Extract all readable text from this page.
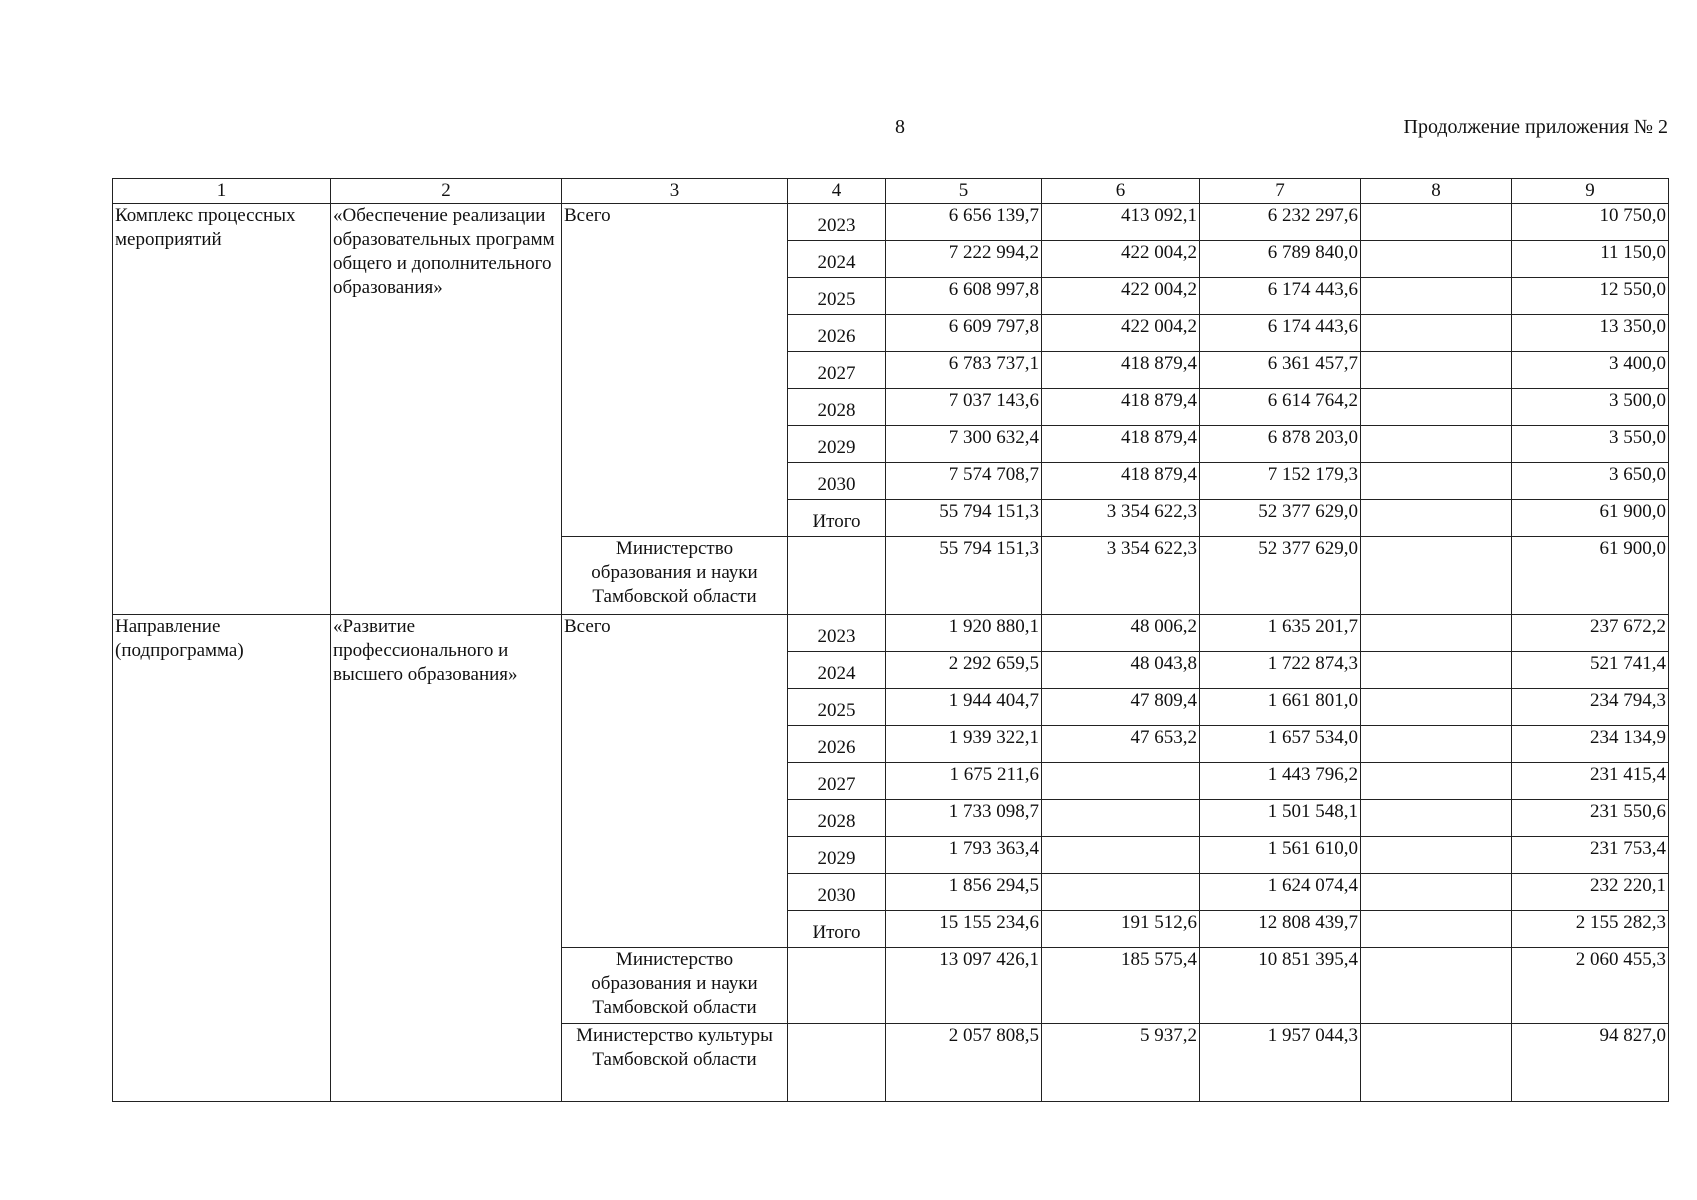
8	Продолжение приложения № 2
1	2	3	4	5	6	7	8	9
Комплекс процессных мероприятий	«Обеспечение реализации образовательных программ общего и дополнительного образования»	Всего	2023	6 656 139,7	413 092,1	6 232 297,6		10 750,0
			2024	7 222 994,2	422 004,2	6 789 840,0		11 150,0
			2025	6 608 997,8	422 004,2	6 174 443,6		12 550,0
			2026	6 609 797,8	422 004,2	6 174 443,6		13 350,0
			2027	6 783 737,1	418 879,4	6 361 457,7		3 400,0
			2028	7 037 143,6	418 879,4	6 614 764,2		3 500,0
			2029	7 300 632,4	418 879,4	6 878 203,0		3 550,0
			2030	7 574 708,7	418 879,4	7 152 179,3		3 650,0
			Итого	55 794 151,3	3 354 622,3	52 377 629,0		61 900,0
		Министерство образования и науки Тамбовской области		55 794 151,3	3 354 622,3	52 377 629,0		61 900,0
Направление (подпрограмма)	«Развитие профессионального и высшего образования»	Всего	2023	1 920 880,1	48 006,2	1 635 201,7		237 672,2
			2024	2 292 659,5	48 043,8	1 722 874,3		521 741,4
			2025	1 944 404,7	47 809,4	1 661 801,0		234 794,3
			2026	1 939 322,1	47 653,2	1 657 534,0		234 134,9
			2027	1 675 211,6		1 443 796,2		231 415,4
			2028	1 733 098,7		1 501 548,1		231 550,6
			2029	1 793 363,4		1 561 610,0		231 753,4
			2030	1 856 294,5		1 624 074,4		232 220,1
			Итого	15 155 234,6	191 512,6	12 808 439,7		2 155 282,3
		Министерство образования и науки Тамбовской области		13 097 426,1	185 575,4	10 851 395,4		2 060 455,3
		Министерство культуры Тамбовской области		2 057 808,5	5 937,2	1 957 044,3		94 827,0
